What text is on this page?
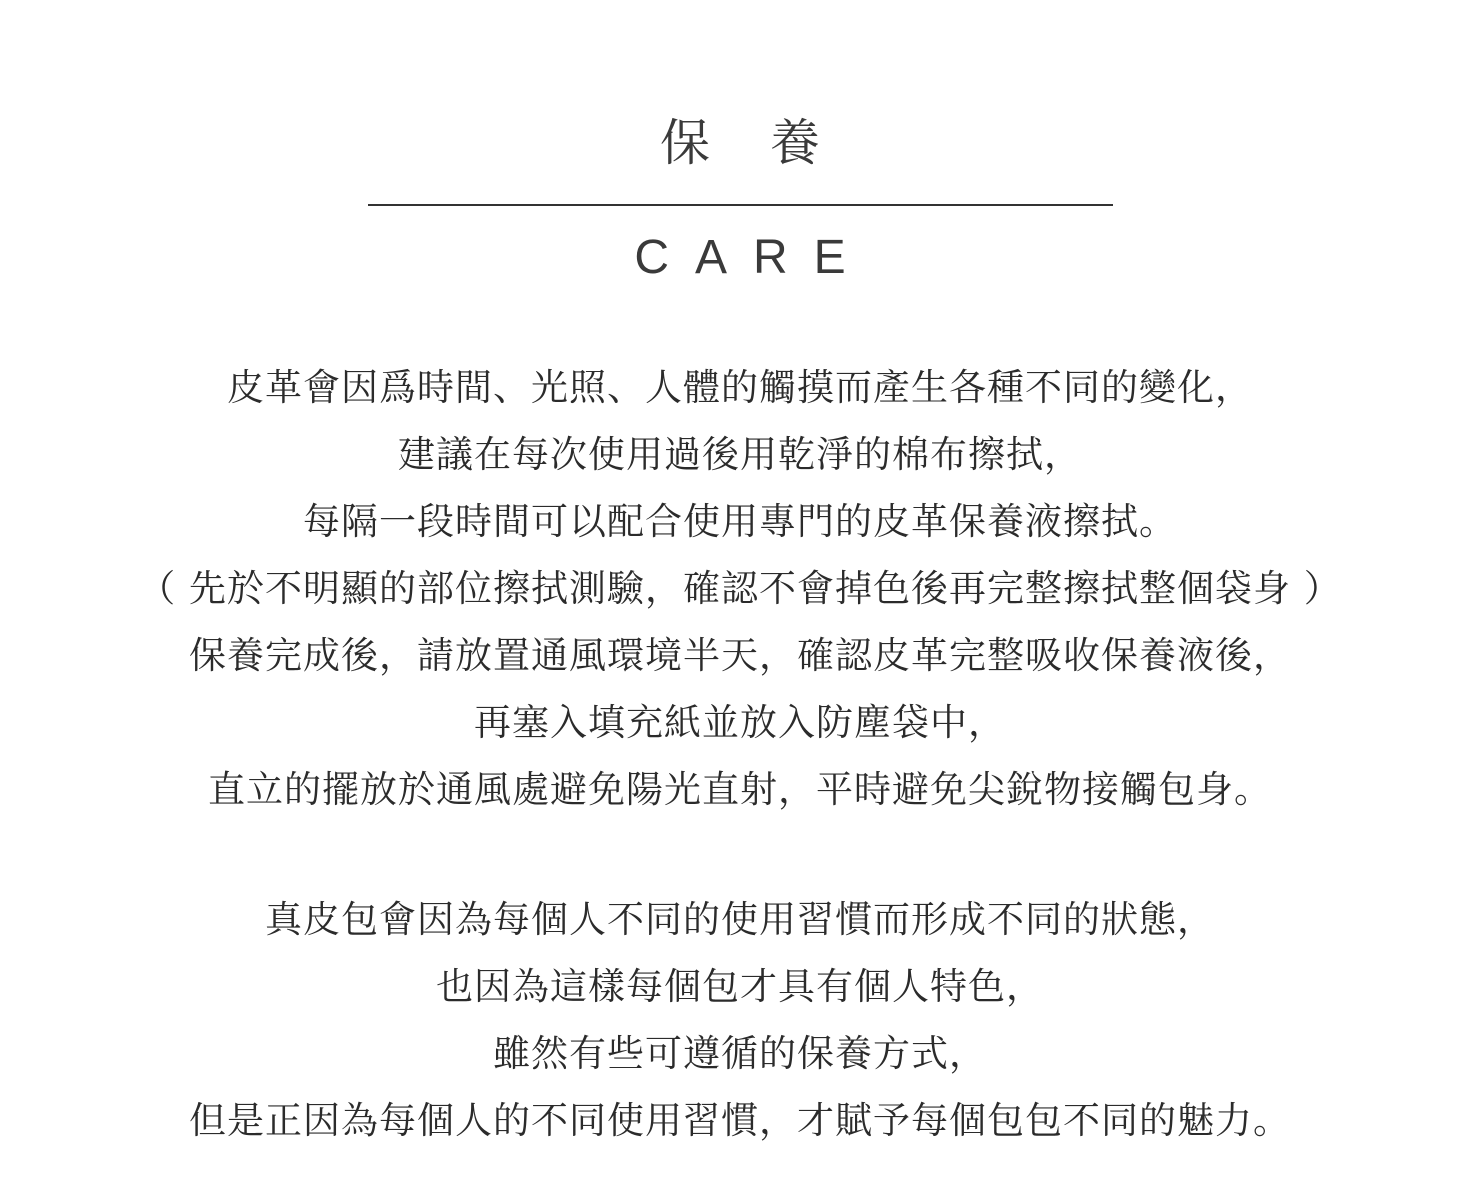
保 養
CARE
皮革會因爲時間、光照、人體的觸摸而產生各種不同的變化，
建議在每次使用過後用乾淨的棉布擦拭，
每隔一段時間可以配合使用專門的皮革保養液擦拭。
（ 先於不明顯的部位擦拭測驗，確認不會掉色後再完整擦拭整個袋身 ）
保養完成後，請放置通風環境半天，確認皮革完整吸收保養液後，
再塞入填充紙並放入防塵袋中，
直立的擺放於通風處避免陽光直射，平時避免尖銳物接觸包身。
真皮包會因為每個人不同的使用習慣而形成不同的狀態，
也因為這樣每個包才具有個人特色，
雖然有些可遵循的保養方式，
但是正因為每個人的不同使用習慣，才賦予每個包包不同的魅力。
